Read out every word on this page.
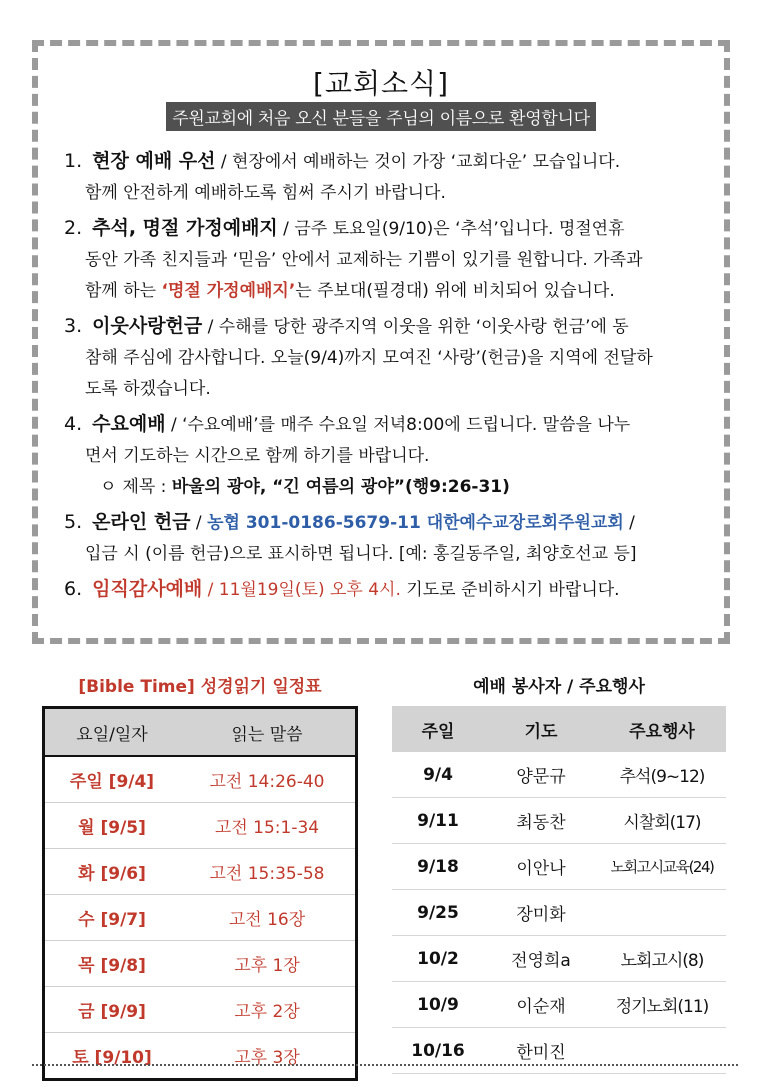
[교회소식]
주원교회에 처음 오신 분들을 주님의 이름으로 환영합니다
1. 현장 예배 우선 / 현장에서 예배하는 것이 가장 ‘교회다운’ 모습입니다.
함께 안전하게 예배하도록 힘써 주시기 바랍니다.
2. 추석, 명절 가정예배지 / 금주 토요일(9/10)은 ‘추석’입니다. 명절연휴
동안 가족 친지들과 ‘믿음’ 안에서 교제하는 기쁨이 있기를 원합니다. 가족과
함께 하는 ‘명절 가정예배지’는 주보대(필경대) 위에 비치되어 있습니다.
3. 이웃사랑헌금 / 수해를 당한 광주지역 이웃을 위한 ‘이웃사랑 헌금’에 동
참해 주심에 감사합니다. 오늘(9/4)까지 모여진 ‘사랑’(헌금)을 지역에 전달하
도록 하겠습니다.
4. 수요예배 / ‘수요예배’를 매주 수요일 저녁8:00에 드립니다. 말씀을 나누
면서 기도하는 시간으로 함께 하기를 바랍니다.
ㅇ 제목 : 바울의 광야, “긴 여름의 광야”(행9:26-31)
5. 온라인 헌금 / 농협 301-0186-5679-11 대한예수교장로회주원교회 /
입금 시 (이름 헌금)으로 표시하면 됩니다. [예: 홍길동주일, 최양호선교 등]
6. 임직감사예배 / 11월19일(토) 오후 4시. 기도로 준비하시기 바랍니다.
[Bible Time] 성경읽기 일정표
요일/일자	읽는 말씀
주일 [9/4]	고전 14:26-40
월 [9/5]	고전 15:1-34
화 [9/6]	고전 15:35-58
수 [9/7]	고전 16장
목 [9/8]	고후 1장
금 [9/9]	고후 2장
토 [9/10]	고후 3장
예배 봉사자 / 주요행사
주일	기도	주요행사
9/4	양문규	추석(9~12)
9/11	최동찬	시찰회(17)
9/18	이안나	노회고시교육(24)
9/25	장미화	
10/2	전영희a	노회고시(8)
10/9	이순재	정기노회(11)
10/16	한미진	
